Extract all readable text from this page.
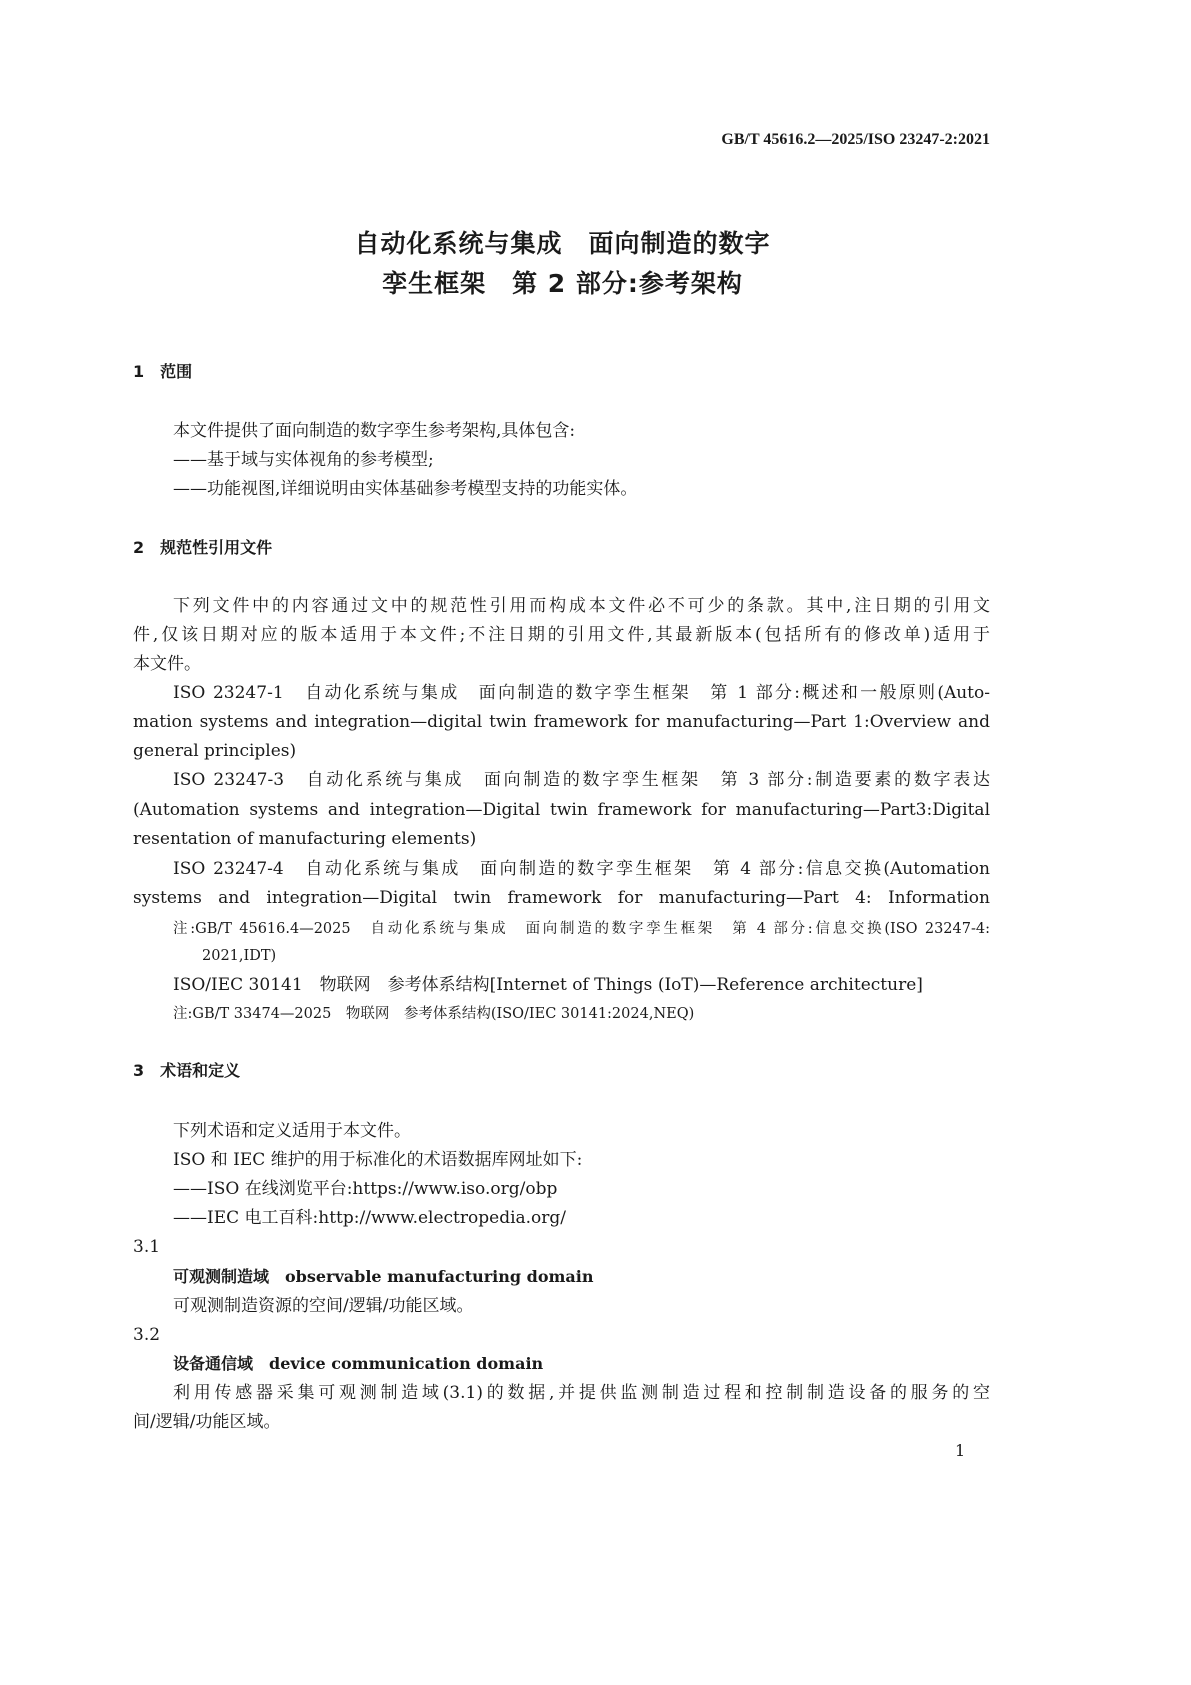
GB/T 45616.2—2025/ISO 23247-2:2021
自动化系统与集成　面向制造的数字
孪生框架　第 2 部分:参考架构
1　范围
本文件提供了面向制造的数字孪生参考架构,具体包含:
——基于域与实体视角的参考模型;
——功能视图,详细说明由实体基础参考模型支持的功能实体。
2　规范性引用文件
下列文件中的内容通过文中的规范性引用而构成本文件必不可少的条款。其中,注日期的引用文
件,仅该日期对应的版本适用于本文件;不注日期的引用文件,其最新版本(包括所有的修改单)适用于
本文件。
ISO 23247-1　自动化系统与集成　面向制造的数字孪生框架　第 1 部分:概述和一般原则(Auto-
mation systems and integration—digital twin framework for manufacturing—Part 1:Overview and
general principles)
ISO 23247-3　自动化系统与集成　面向制造的数字孪生框架　第 3 部分:制造要素的数字表达
(Automation systems and integration—Digital twin framework for manufacturing—Part3:Digital
resentation of manufacturing elements)
ISO 23247-4　自动化系统与集成　面向制造的数字孪生框架　第 4 部分:信息交换(Automation
systems and integration—Digital twin framework for manufacturing—Part 4: Information
注:GB/T 45616.4—2025　自动化系统与集成　面向制造的数字孪生框架　第 4 部分:信息交换(ISO 23247-4:
2021,IDT)
ISO/IEC 30141　物联网　参考体系结构[Internet of Things (IoT)—Reference architecture]
注:GB/T 33474—2025　物联网　参考体系结构(ISO/IEC 30141:2024,NEQ)
3　术语和定义
下列术语和定义适用于本文件。
ISO 和 IEC 维护的用于标准化的术语数据库网址如下:
——ISO 在线浏览平台:https://www.iso.org/obp
——IEC 电工百科:http://www.electropedia.org/
3.1
可观测制造域　observable manufacturing domain
可观测制造资源的空间/逻辑/功能区域。
3.2
设备通信域　device communication domain
利用传感器采集可观测制造域(3.1)的数据,并提供监测制造过程和控制制造设备的服务的空
间/逻辑/功能区域。
1
